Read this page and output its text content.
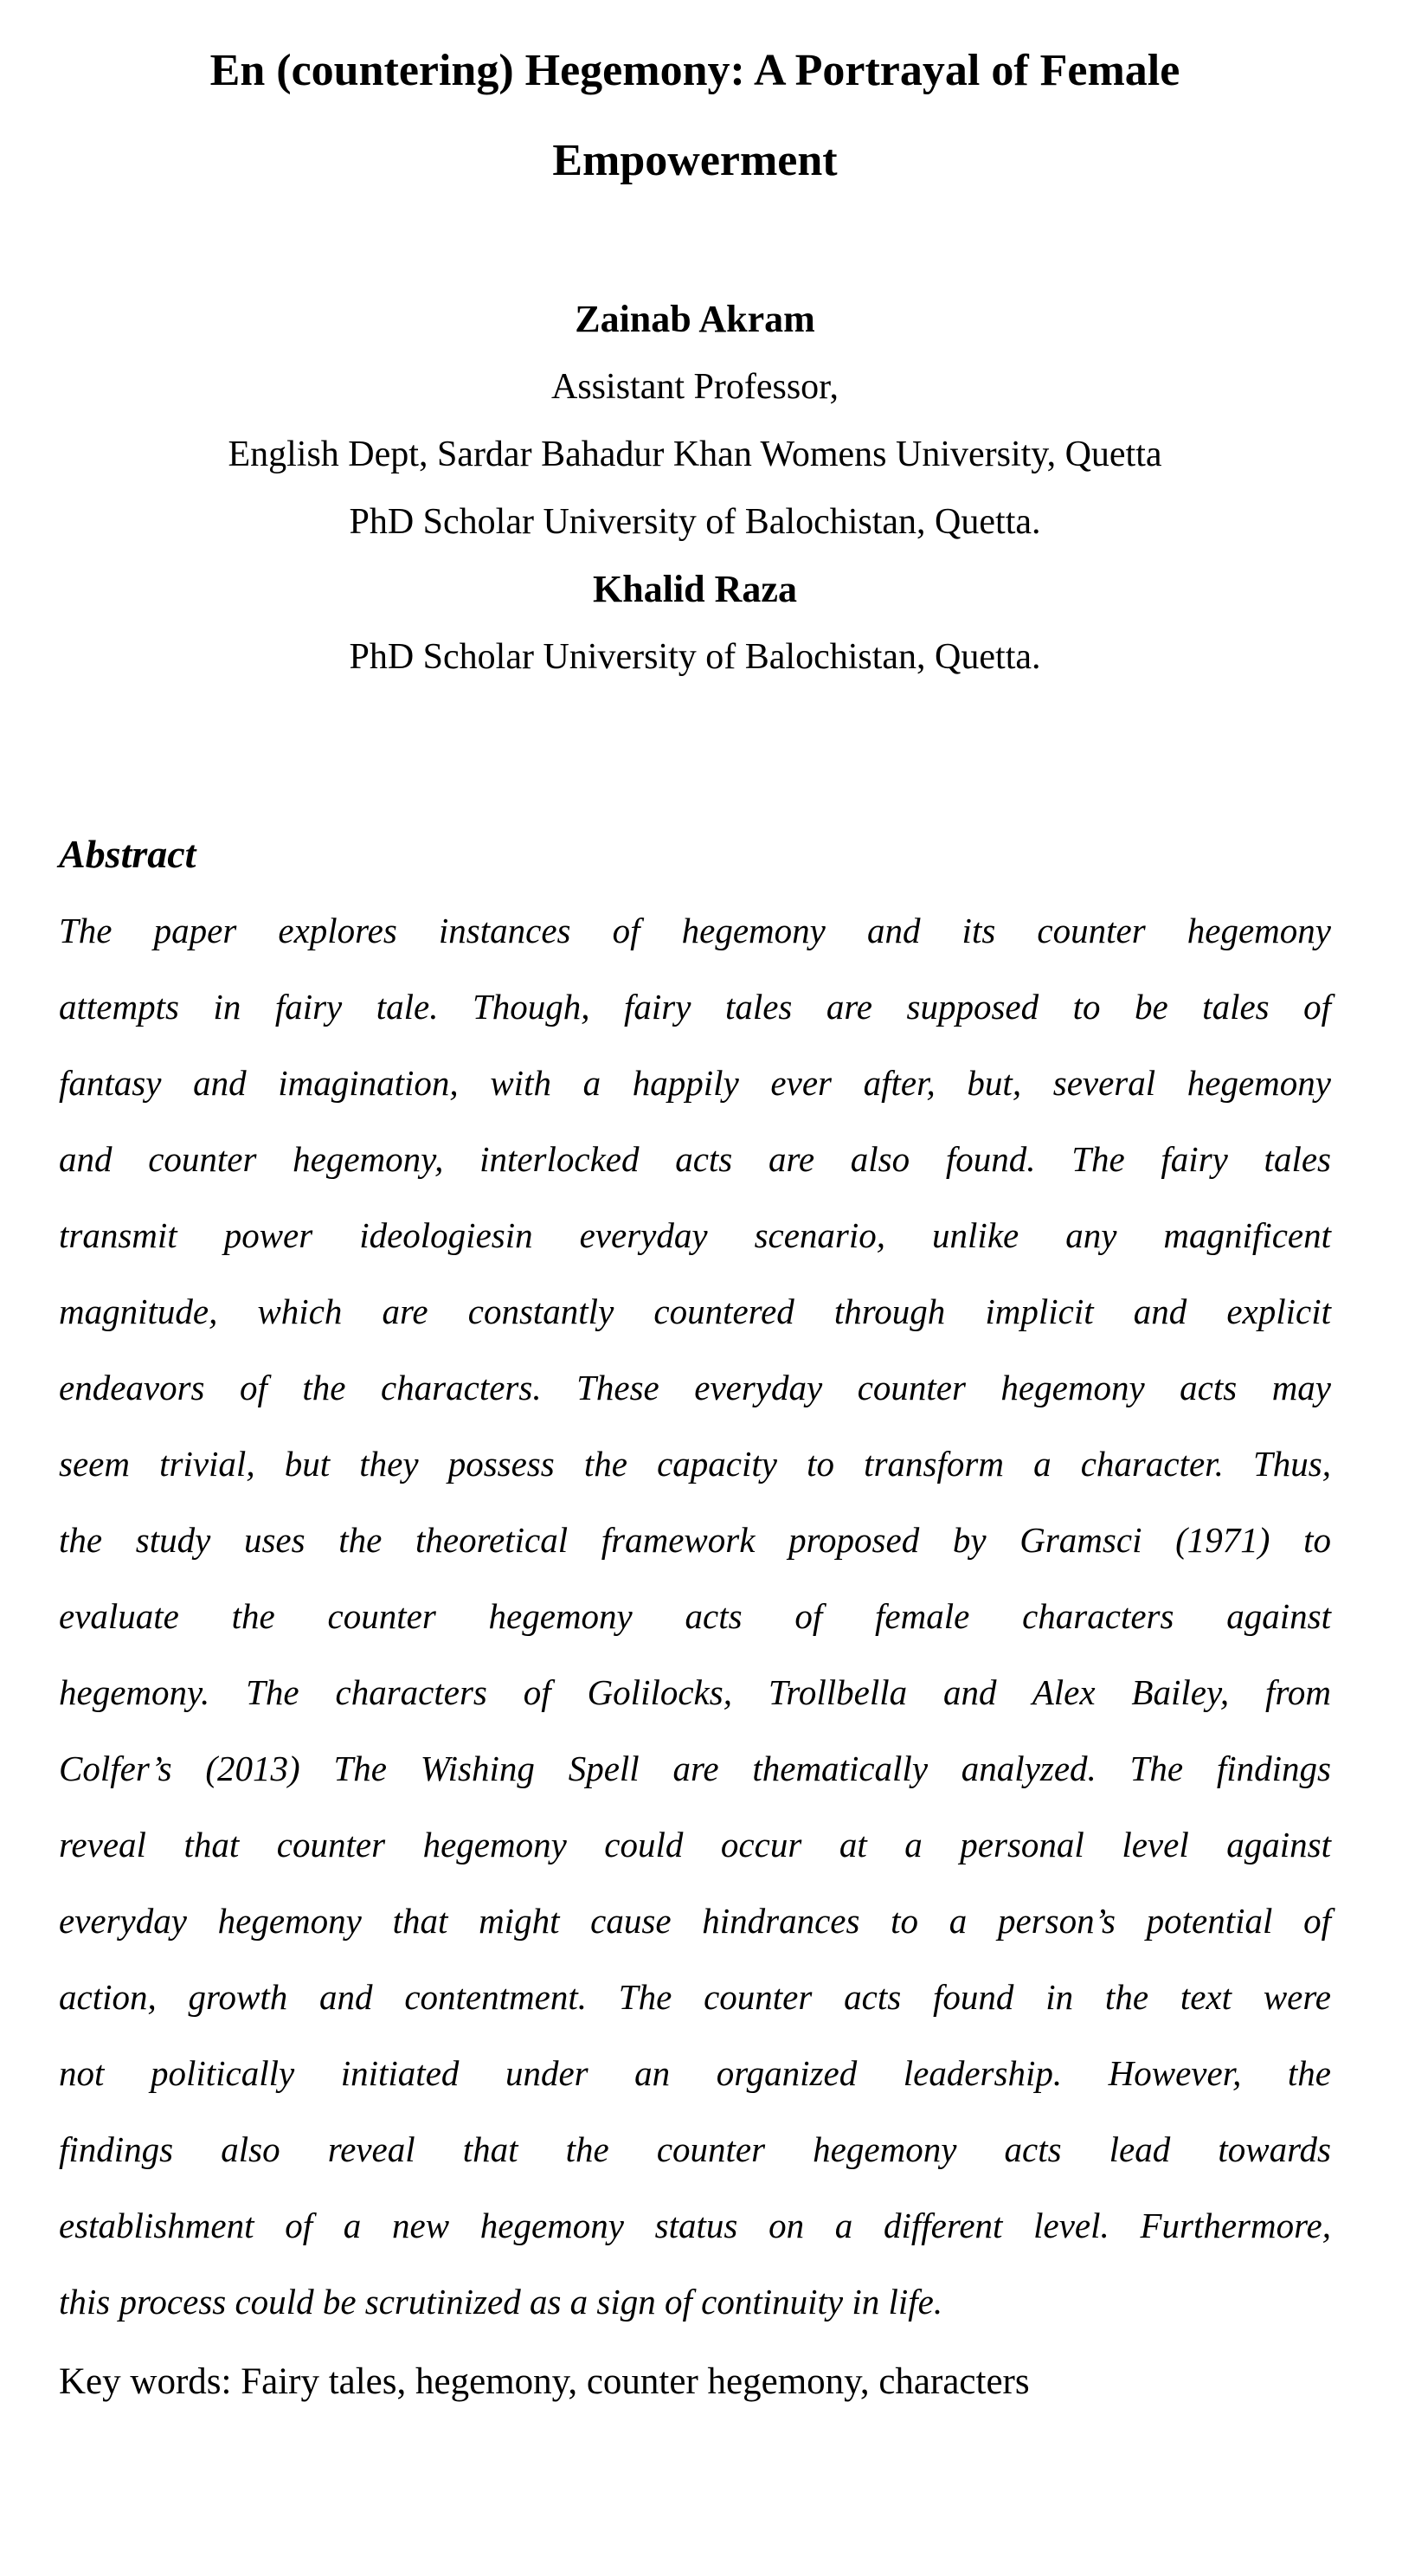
En (countering) Hegemony: A Portrayal of Female
Empowerment
Zainab Akram
Assistant Professor,
English Dept, Sardar Bahadur Khan Womens University, Quetta
PhD Scholar University of Balochistan, Quetta.
Khalid Raza
PhD Scholar University of Balochistan, Quetta.
Abstract
The paper explores instances of hegemony and its counter hegemony
attempts in fairy tale. Though, fairy tales are supposed to be tales of
fantasy and imagination, with a happily ever after, but, several hegemony
and counter hegemony, interlocked acts are also found. The fairy tales
transmit power ideologiesin everyday scenario, unlike any magnificent
magnitude, which are constantly countered through implicit and explicit
endeavors of the characters. These everyday counter hegemony acts may
seem trivial, but they possess the capacity to transform a character. Thus,
the study uses the theoretical framework proposed by Gramsci (1971) to
evaluate the counter hegemony acts of female characters against
hegemony. The characters of Golilocks, Trollbella and Alex Bailey, from
Colfer’s (2013) The Wishing Spell are thematically analyzed. The findings
reveal that counter hegemony could occur at a personal level against
everyday hegemony that might cause hindrances to a person’s potential of
action, growth and contentment. The counter acts found in the text were
not politically initiated under an organized leadership. However, the
findings also reveal that the counter hegemony acts lead towards
establishment of a new hegemony status on a different level. Furthermore,
this process could be scrutinized as a sign of continuity in life.
Key words: Fairy tales, hegemony, counter hegemony, characters
